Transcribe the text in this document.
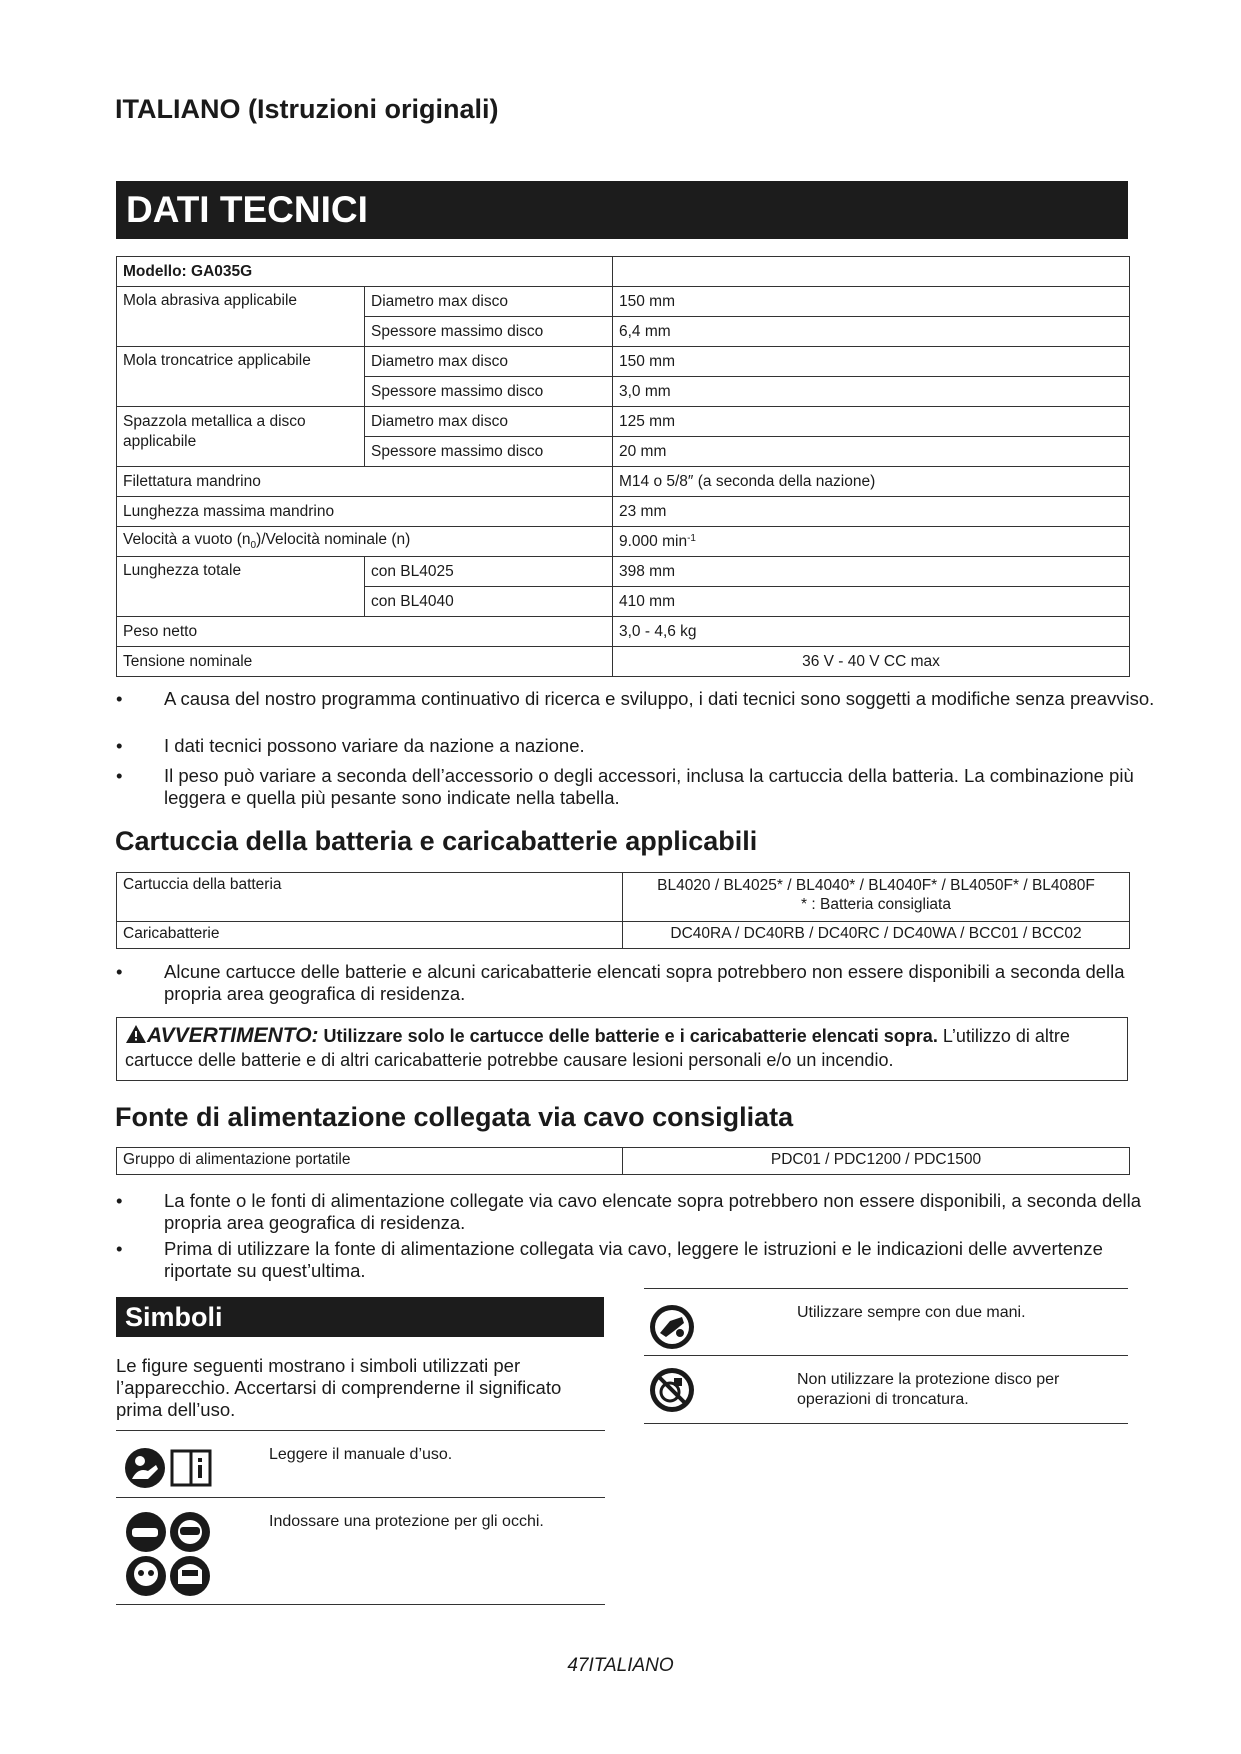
ITALIANO (Istruzioni originali)
DATI TECNICI
Modello: GA035G		
Mola abrasiva applicabile	Diametro max disco	150 mm
	Spessore massimo disco	6,4 mm
Mola troncatrice applicabile	Diametro max disco	150 mm
	Spessore massimo disco	3,0 mm
Spazzola metallica a disco applicabile	Diametro max disco	125 mm
	Spessore massimo disco	20 mm
Filettatura mandrino		M14 o 5/8″ (a seconda della nazione)
Lunghezza massima mandrino		23 mm
Velocità a vuoto $(n_0)$/Velocità nominale (n)		9.000 $\min^{-1}$
Lunghezza totale	con BL4025	398 mm
	con BL4040	410 mm
Peso netto		3,0 - 4,6 kg
Tensione nominale		36 V - 40 V CC max
• A causa del nostro programma continuativo di ricerca e sviluppo, i dati tecnici sono soggetti a modifiche senza preavviso.
• I dati tecnici possono variare da nazione a nazione.
• Il peso può variare a seconda dell’accessorio o degli accessori, inclusa la cartuccia della batteria. La combinazione più leggera e quella più pesante sono indicate nella tabella.
Cartuccia della batteria e caricabatterie applicabili
Cartuccia della batteria	BL4020 / BL4025* / BL4040* / BL4040F* / BL4050F* / BL4080F
* : Batteria consigliata

Caricabatterie	DC40RA / DC40RB / DC40RC / DC40WA / BCC01 / BCC02
• Alcune cartucce delle batterie e alcuni caricabatterie elencati sopra potrebbero non essere disponibili a seconda della propria area geografica di residenza.
AVVERTIMENTO: Utilizzare solo le cartucce delle batterie e i caricabatterie elencati sopra. L’utilizzo di altre cartucce delle batterie e di altri caricabatterie potrebbe causare lesioni personali e/o un incendio.
Fonte di alimentazione collegata via cavo consigliata
Gruppo di alimentazione portatile	PDC01 / PDC1200 / PDC1500
• La fonte o le fonti di alimentazione collegate via cavo elencate sopra potrebbero non essere disponibili, a seconda della propria area geografica di residenza.
• Prima di utilizzare la fonte di alimentazione collegata via cavo, leggere le istruzioni e le indicazioni delle avvertenze riportate su quest’ultima.
Simboli
Le figure seguenti mostrano i simboli utilizzati per l’apparecchio. Accertarsi di comprenderne il significato prima dell’uso.
Leggere il manuale d’uso.
Indossare una protezione per gli occhi.
Utilizzare sempre con due mani.
Non utilizzare la protezione disco per operazioni di troncatura.
47ITALIANO
